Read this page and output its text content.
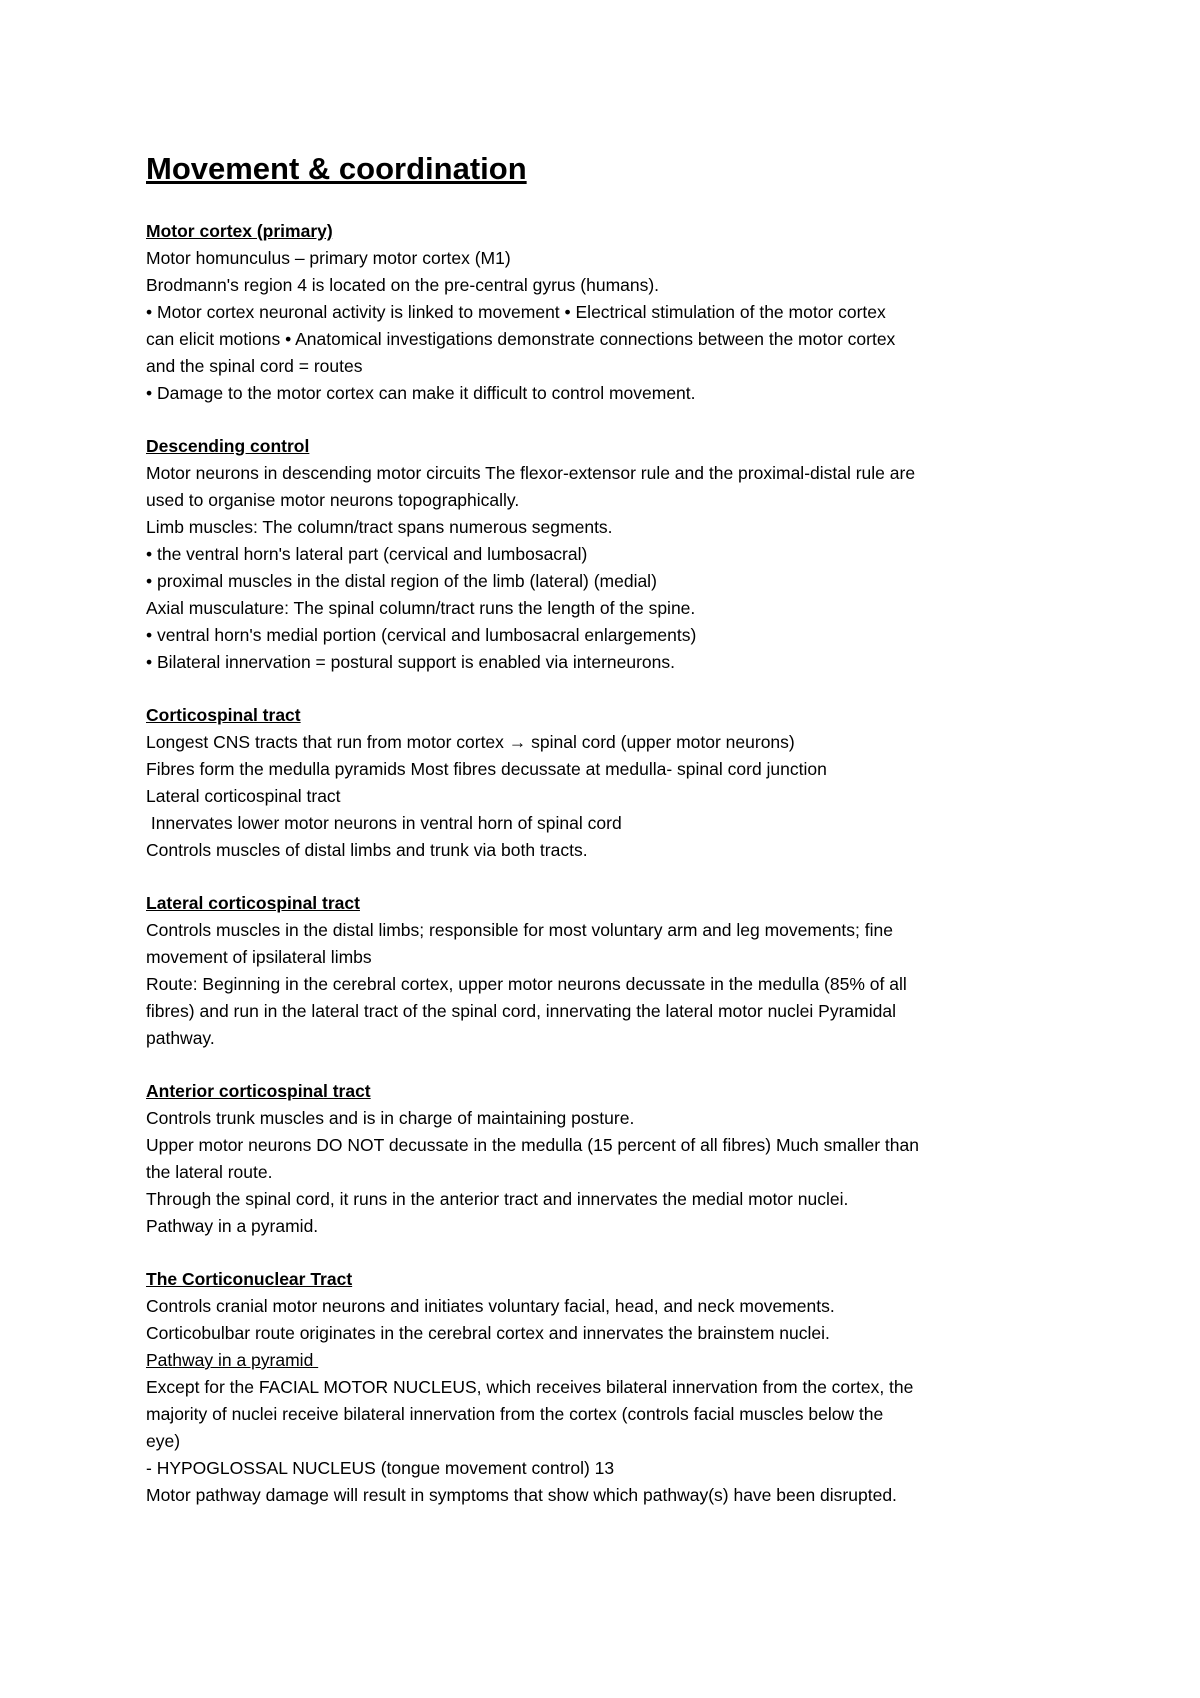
Movement & coordination
Motor cortex (primary)
Motor homunculus – primary motor cortex (M1)
Brodmann's region 4 is located on the pre-central gyrus (humans).
• Motor cortex neuronal activity is linked to movement • Electrical stimulation of the motor cortex
can elicit motions • Anatomical investigations demonstrate connections between the motor cortex
and the spinal cord = routes
• Damage to the motor cortex can make it difficult to control movement.
Descending control
Motor neurons in descending motor circuits The flexor-extensor rule and the proximal-distal rule are
used to organise motor neurons topographically.
Limb muscles: The column/tract spans numerous segments.
• the ventral horn's lateral part (cervical and lumbosacral)
• proximal muscles in the distal region of the limb (lateral) (medial)
Axial musculature: The spinal column/tract runs the length of the spine.
• ventral horn's medial portion (cervical and lumbosacral enlargements)
• Bilateral innervation = postural support is enabled via interneurons.
Corticospinal tract
Longest CNS tracts that run from motor cortex → spinal cord (upper motor neurons)
Fibres form the medulla pyramids Most fibres decussate at medulla- spinal cord junction
Lateral corticospinal tract
Innervates lower motor neurons in ventral horn of spinal cord
Controls muscles of distal limbs and trunk via both tracts.
Lateral corticospinal tract
Controls muscles in the distal limbs; responsible for most voluntary arm and leg movements; fine
movement of ipsilateral limbs
Route: Beginning in the cerebral cortex, upper motor neurons decussate in the medulla (85% of all
fibres) and run in the lateral tract of the spinal cord, innervating the lateral motor nuclei Pyramidal
pathway.
Anterior corticospinal tract
Controls trunk muscles and is in charge of maintaining posture.
Upper motor neurons DO NOT decussate in the medulla (15 percent of all fibres) Much smaller than
the lateral route.
Through the spinal cord, it runs in the anterior tract and innervates the medial motor nuclei.
Pathway in a pyramid.
The Corticonuclear Tract
Controls cranial motor neurons and initiates voluntary facial, head, and neck movements.
Corticobulbar route originates in the cerebral cortex and innervates the brainstem nuclei.
Pathway in a pyramid
Except for the FACIAL MOTOR NUCLEUS, which receives bilateral innervation from the cortex, the
majority of nuclei receive bilateral innervation from the cortex (controls facial muscles below the
eye)
- HYPOGLOSSAL NUCLEUS (tongue movement control) 13
Motor pathway damage will result in symptoms that show which pathway(s) have been disrupted.
